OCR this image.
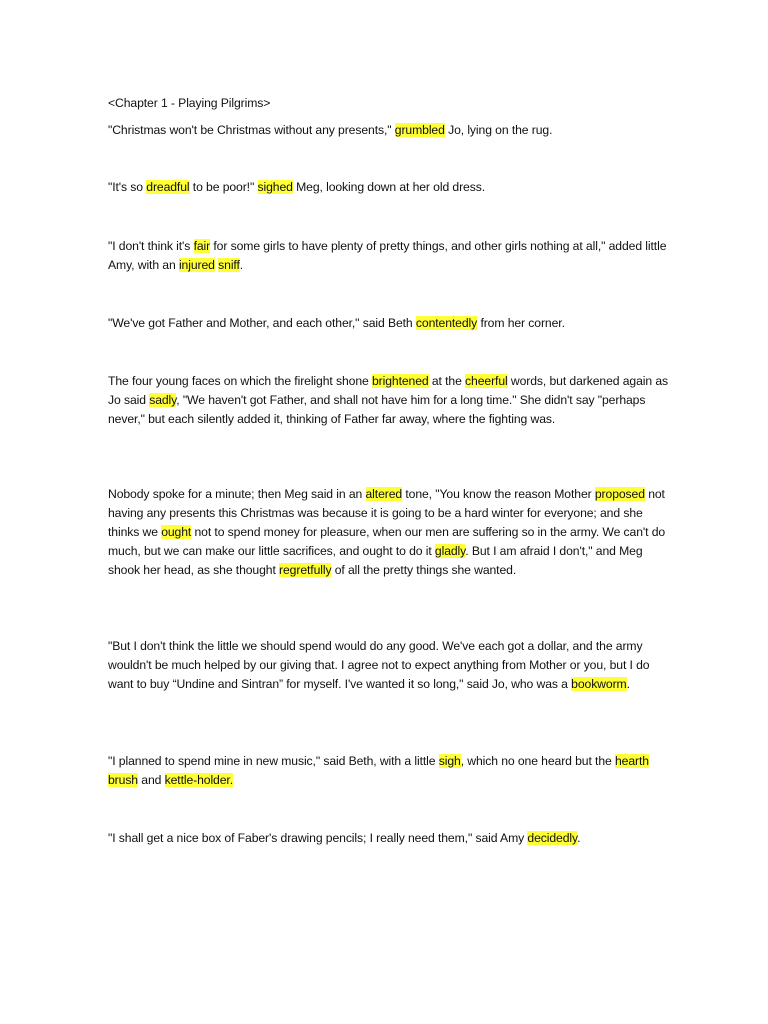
<Chapter 1 - Playing Pilgrims>

"Christmas won't be Christmas without any presents," grumbled Jo, lying on the rug.

"It's so dreadful to be poor!" sighed Meg, looking down at her old dress.

"I don't think it's fair for some girls to have plenty of pretty things, and other girls nothing at all," added little Amy, with an injured sniff.

"We've got Father and Mother, and each other," said Beth contentedly from her corner.

The four young faces on which the firelight shone brightened at the cheerful words, but darkened again as Jo said sadly, "We haven't got Father, and shall not have him for a long time." She didn't say "perhaps never," but each silently added it, thinking of Father far away, where the fighting was.

Nobody spoke for a minute; then Meg said in an altered tone, "You know the reason Mother proposed not having any presents this Christmas was because it is going to be a hard winter for everyone; and she thinks we ought not to spend money for pleasure, when our men are suffering so in the army. We can't do much, but we can make our little sacrifices, and ought to do it gladly. But I am afraid I don't," and Meg shook her head, as she thought regretfully of all the pretty things she wanted.

"But I don't think the little we should spend would do any good. We've each got a dollar, and the army wouldn't be much helped by our giving that. I agree not to expect anything from Mother or you, but I do want to buy “Undine and Sintran” for myself. I've wanted it so long," said Jo, who was a bookworm.

"I planned to spend mine in new music," said Beth, with a little sigh, which no one heard but the hearth brush and kettle-holder.

"I shall get a nice box of Faber's drawing pencils; I really need them," said Amy decidedly.
